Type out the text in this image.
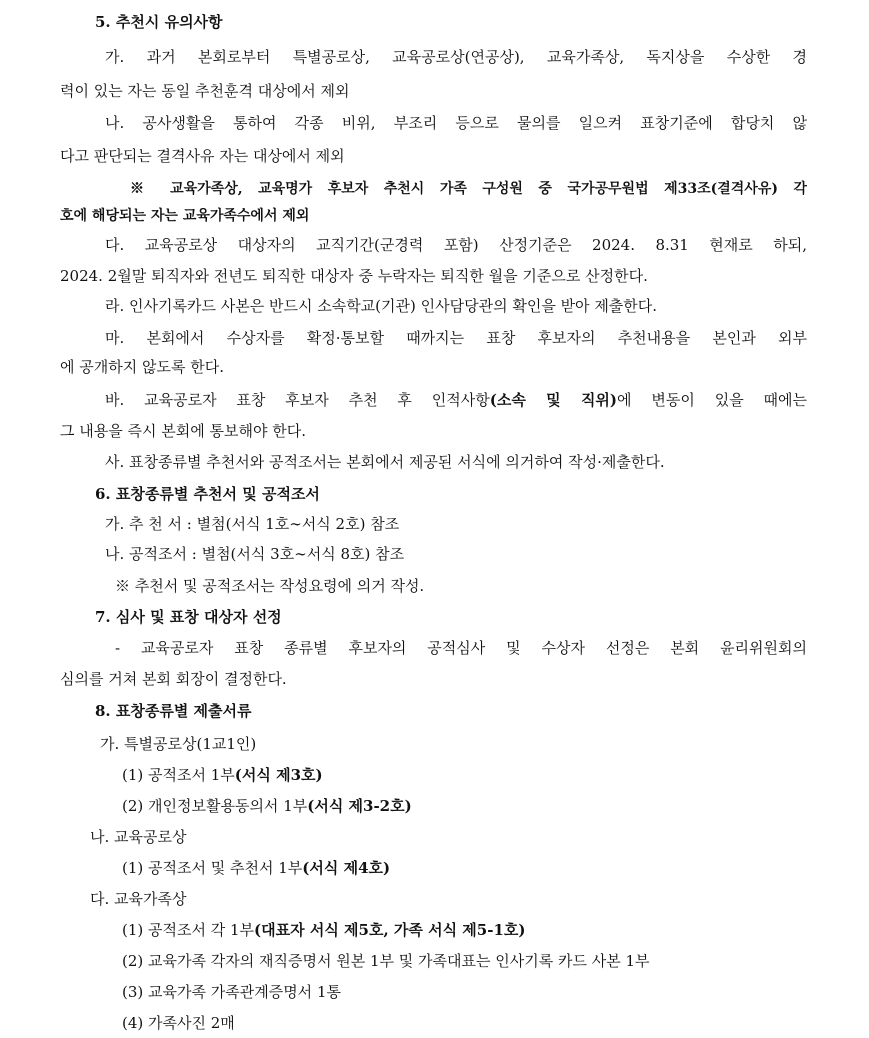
5. 추천시 유의사항
가. 과거 본회로부터 특별공로상, 교육공로상(연공상), 교육가족상, 독지상을 수상한 경
력이 있는 자는 동일 추천훈격 대상에서 제외
나. 공사생활을 통하여 각종 비위, 부조리 등으로 물의를 일으켜 표창기준에 합당치 않
다고 판단되는 결격사유 자는 대상에서 제외
※ 교육가족상, 교육명가 후보자 추천시 가족 구성원 중 국가공무원법 제33조(결격사유) 각
호에 해당되는 자는 교육가족수에서 제외
다. 교육공로상 대상자의 교직기간(군경력 포함) 산정기준은 2024. 8.31 현재로 하되,
2024. 2월말 퇴직자와 전년도 퇴직한 대상자 중 누락자는 퇴직한 월을 기준으로 산정한다.
라. 인사기록카드 사본은 반드시 소속학교(기관) 인사담당관의 확인을 받아 제출한다.
마. 본회에서 수상자를 확정·통보할 때까지는 표창 후보자의 추천내용을 본인과 외부
에 공개하지 않도록 한다.
바. 교육공로자 표창 후보자 추천 후 인적사항(소속 및 직위)에 변동이 있을 때에는
그 내용을 즉시 본회에 통보해야 한다.
사. 표창종류별 추천서와 공적조서는 본회에서 제공된 서식에 의거하여 작성·제출한다.
6. 표창종류별 추천서 및 공적조서
가. 추 천 서 : 별첨(서식 1호∼서식 2호) 참조
나. 공적조서 : 별첨(서식 3호∼서식 8호) 참조
※ 추천서 및 공적조서는 작성요령에 의거 작성.
7. 심사 및 표창 대상자 선정
- 교육공로자 표창 종류별 후보자의 공적심사 및 수상자 선정은 본회 윤리위원회의
심의를 거쳐 본회 회장이 결정한다.
8. 표창종류별 제출서류
가. 특별공로상(1교1인)
(1) 공적조서 1부(서식 제3호)
(2) 개인정보활용동의서 1부(서식 제3-2호)
나. 교육공로상
(1) 공적조서 및 추천서 1부(서식 제4호)
다. 교육가족상
(1) 공적조서 각 1부(대표자 서식 제5호, 가족 서식 제5-1호)
(2) 교육가족 각자의 재직증명서 원본 1부 및 가족대표는 인사기록 카드 사본 1부
(3) 교육가족 가족관계증명서 1통
(4) 가족사진 2매
